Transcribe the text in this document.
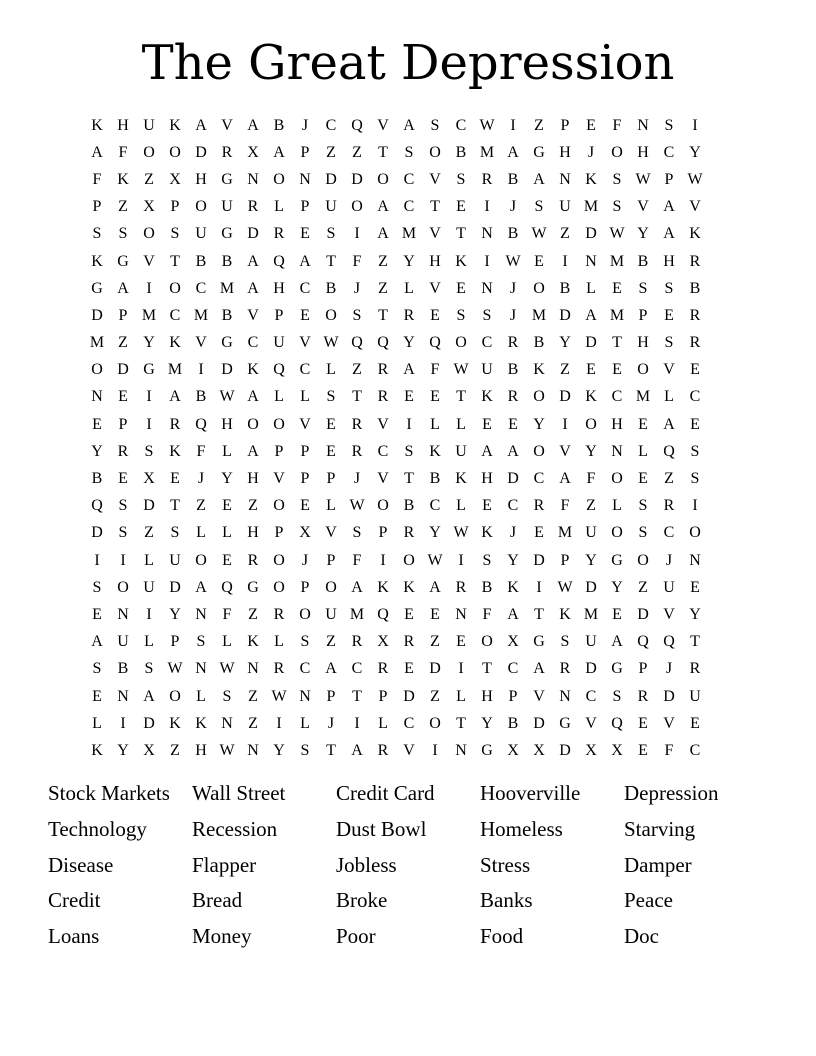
The Great Depression
K H U K A V A B	J	C Q V A S	C W I	Z	P	E	F N S	I
A F O O D R X A P	Z	Z	T	S O B M A G H	J	O H C Y
F K Z X H G N O N D D O C V S	R B A N K S W P W
P	Z X P O U R L	P U O A C T	E	I	J	S U M S V A V
S	S O S U G D R E	S	I	A M V T N B W Z D W Y A K
K G V T B B A Q A T	F	Z Y H K	I W E	I	N M B H R
G A	I	O C M A H C B	J	Z	L V E N	J	O B L	E	S	S	B
D P M C M B V P	E O S	T R E	S	S	J M D A M P	E R
M Z Y K V G C U V W Q Q Y Q O C R B Y D T H S	R
O D G M	I	D K Q C L	Z R A F W U B K Z	E	E O V E
N E	I	A B W A L	L	S	T R E	E	T K R O D K C M L C
E	P	I	R Q H O O V E R V	I	L	L	E	E Y	I	O H E A E
Y R	S K F	L A P	P	E R C	S K U A A O V Y N L Q S
B E X E	J	Y H V P	P	J	V T B K H D C A F O E	Z	S
Q S D T	Z	E	Z O E	L W O B C L	E C R	F	Z	L	S	R	I
D S	Z	S	L	L H P X V S	P	R Y W K	J	E M U O S	C O
I	I	L U O E R O	J	P	F	I	O W I	S Y D P Y G O	J	N
S O U D A Q G O P O A K K A R B K	I W D Y Z U E
E N	I	Y N F	Z R O U M Q E	E N F A T K M E D V Y
A U L	P	S	L K L	S	Z R X R Z	E O X G S U A Q Q T
S	B	S W N W N R C A C R E D	I	T C A R D G P	J	R
E N A O L	S	Z W N P	T	P D Z	L H P V N C	S	R D U
L	I	D K K N Z	I	L	J	I	L C O T Y B D G V Q E V E
K Y X Z H W N Y S	T A R V	I	N G X X D X X E	F	C
Stock Markets	Wall Street	Credit Card	Hooverville	Depression
Technology	Recession	Dust Bowl	Homeless	Starving
Disease	Flapper	Jobless	Stress	Damper
Credit	Bread	Broke	Banks	Peace
Loans	Money	Poor	Food	Doc
